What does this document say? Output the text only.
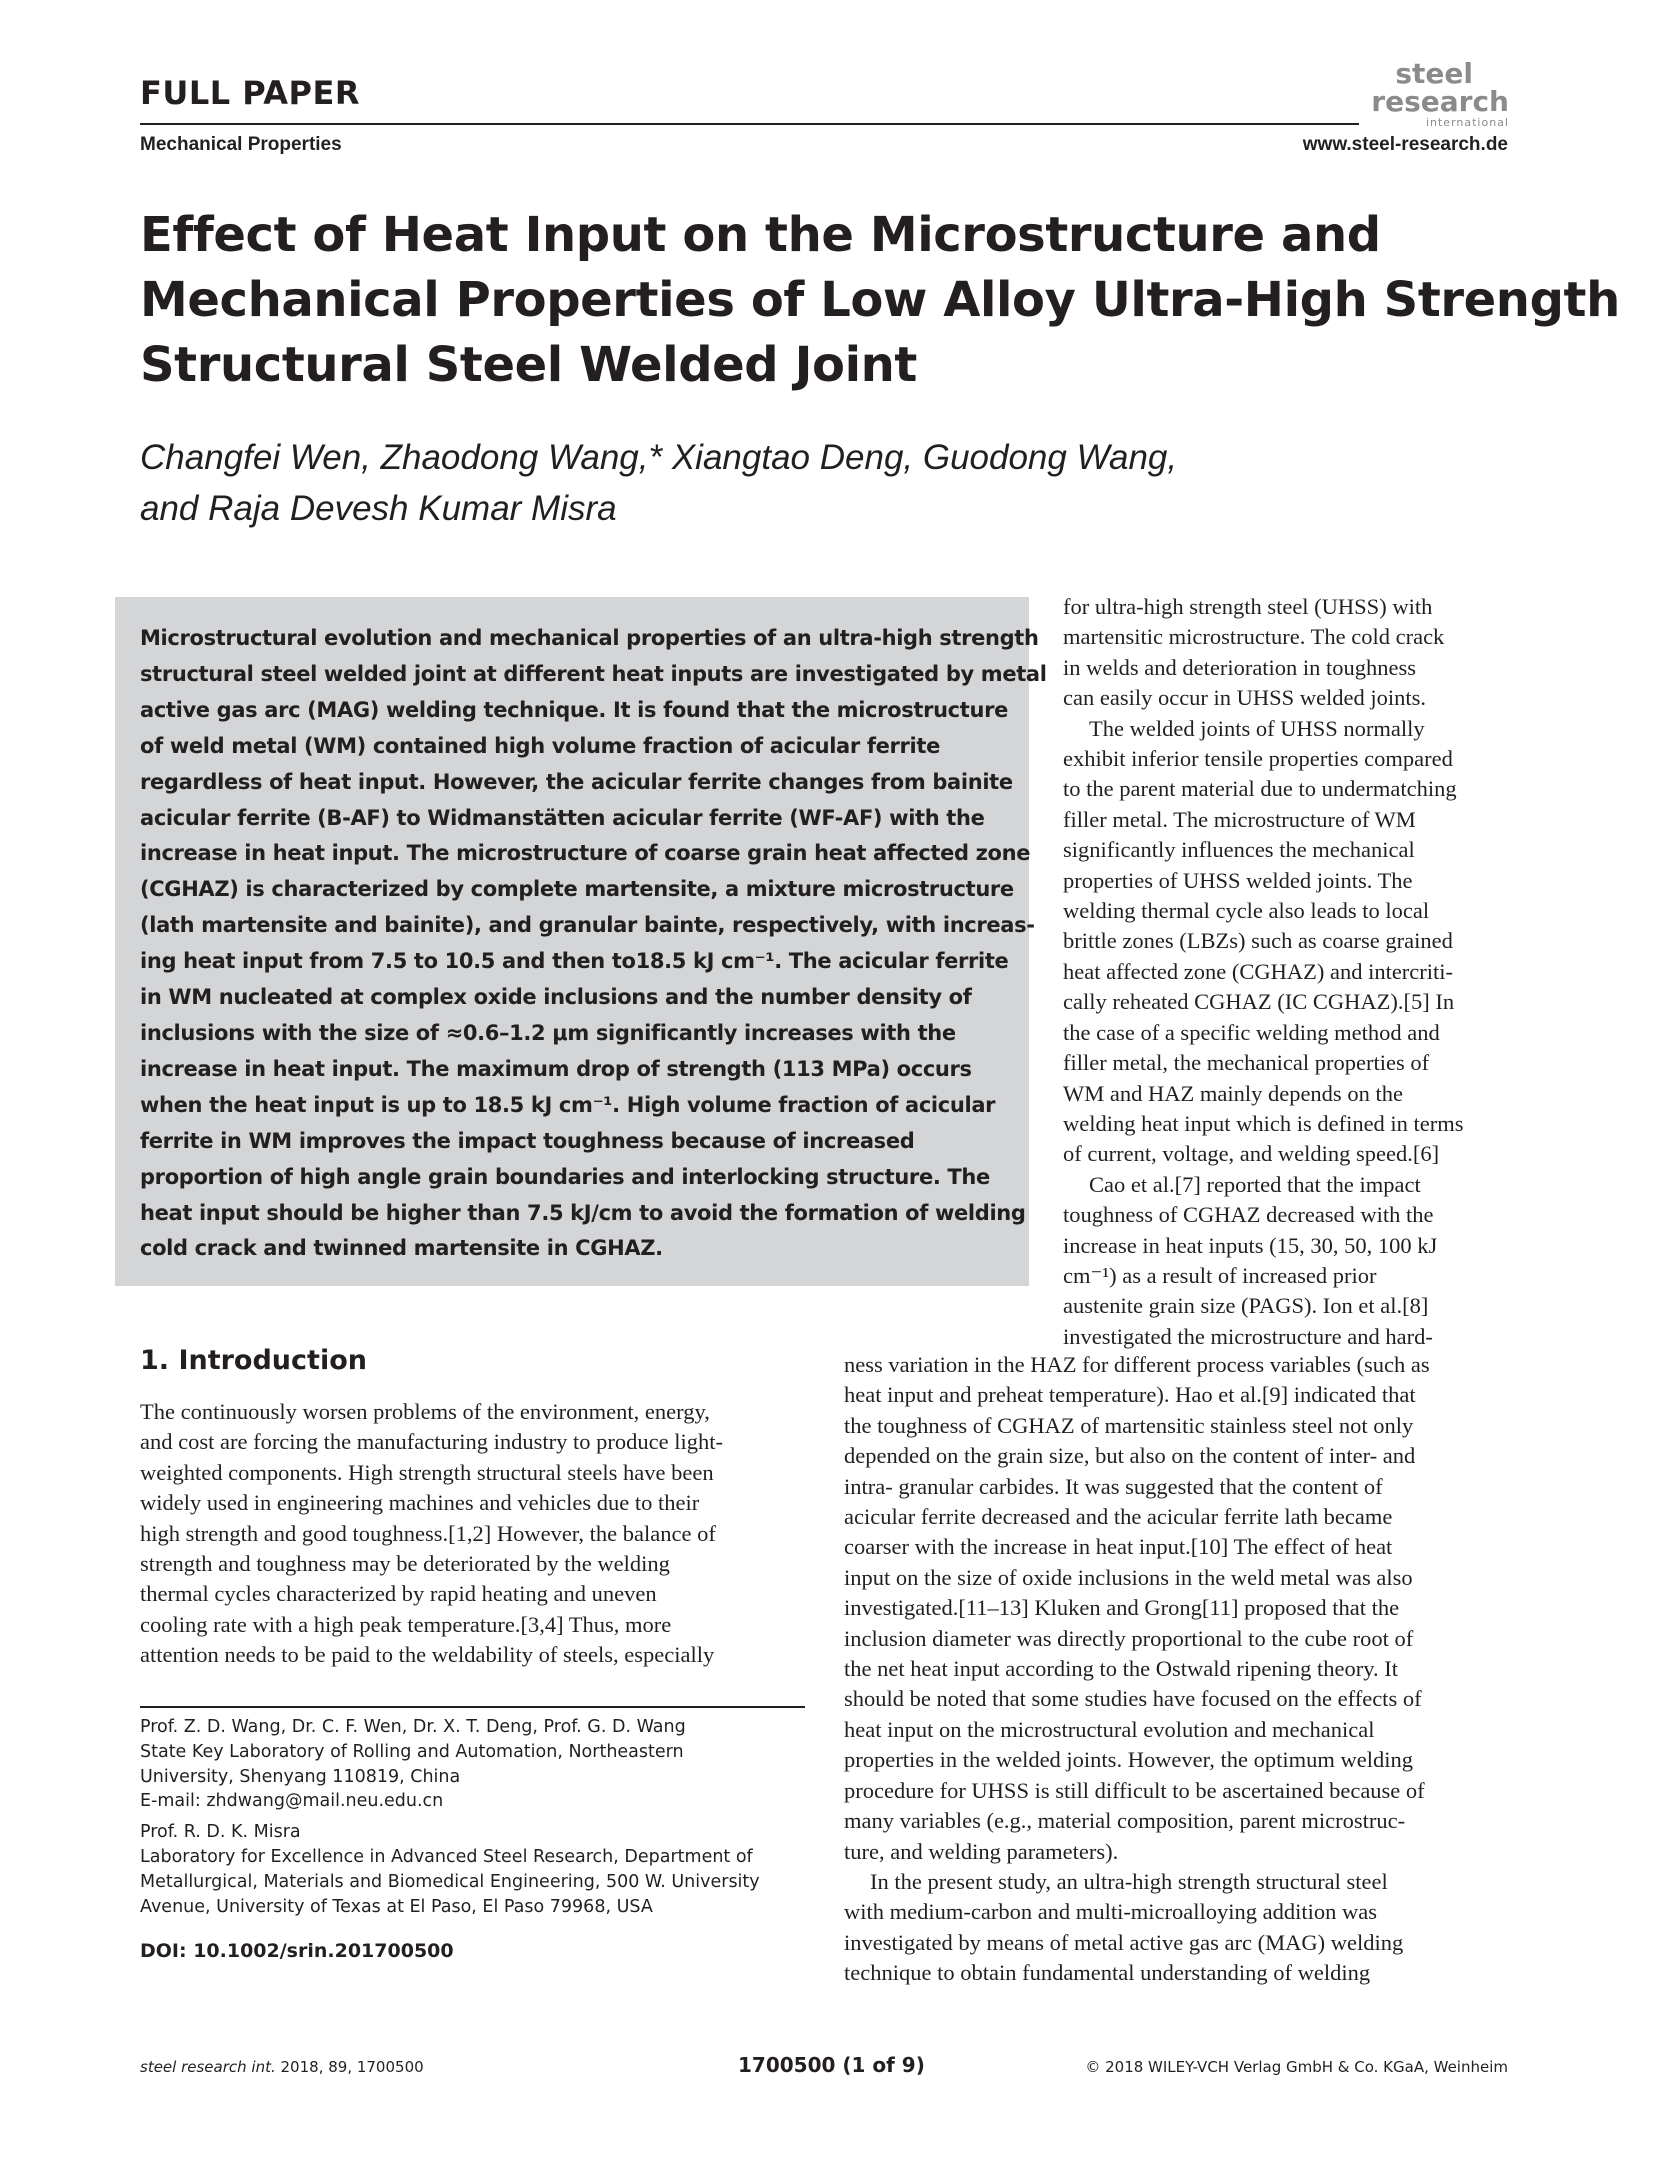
FULL PAPER
steel
research
international
Mechanical Properties	www.steel-research.de
Effect of Heat Input on the Microstructure and
Mechanical Properties of Low Alloy Ultra-High Strength
Structural Steel Welded Joint
Changfei Wen, Zhaodong Wang,* Xiangtao Deng, Guodong Wang,
and Raja Devesh Kumar Misra
Microstructural evolution and mechanical properties of an ultra-high strength
structural steel welded joint at different heat inputs are investigated by metal
active gas arc (MAG) welding technique. It is found that the microstructure
of weld metal (WM) contained high volume fraction of acicular ferrite
regardless of heat input. However, the acicular ferrite changes from bainite
acicular ferrite (B-AF) to Widmanstätten acicular ferrite (WF-AF) with the
increase in heat input. The microstructure of coarse grain heat affected zone
(CGHAZ) is characterized by complete martensite, a mixture microstructure
(lath martensite and bainite), and granular bainte, respectively, with increas-
ing heat input from 7.5 to 10.5 and then to18.5 kJ cm⁻¹. The acicular ferrite
in WM nucleated at complex oxide inclusions and the number density of
inclusions with the size of ≈0.6–1.2 μm significantly increases with the
increase in heat input. The maximum drop of strength (113 MPa) occurs
when the heat input is up to 18.5 kJ cm⁻¹. High volume fraction of acicular
ferrite in WM improves the impact toughness because of increased
proportion of high angle grain boundaries and interlocking structure. The
heat input should be higher than 7.5 kJ/cm to avoid the formation of welding
cold crack and twinned martensite in CGHAZ.
for ultra-high strength steel (UHSS) with
martensitic microstructure. The cold crack
in welds and deterioration in toughness
can easily occur in UHSS welded joints.
The welded joints of UHSS normally
exhibit inferior tensile properties compared
to the parent material due to undermatching
filler metal. The microstructure of WM
significantly influences the mechanical
properties of UHSS welded joints. The
welding thermal cycle also leads to local
brittle zones (LBZs) such as coarse grained
heat affected zone (CGHAZ) and intercriti-
cally reheated CGHAZ (IC CGHAZ).[5] In
the case of a specific welding method and
filler metal, the mechanical properties of
WM and HAZ mainly depends on the
welding heat input which is defined in terms
of current, voltage, and welding speed.[6]
Cao et al.[7] reported that the impact
toughness of CGHAZ decreased with the
increase in heat inputs (15, 30, 50, 100 kJ
cm⁻¹) as a result of increased prior
austenite grain size (PAGS). Ion et al.[8]
investigated the microstructure and hard-
1. Introduction
The continuously worsen problems of the environment, energy,
and cost are forcing the manufacturing industry to produce light-
weighted components. High strength structural steels have been
widely used in engineering machines and vehicles due to their
high strength and good toughness.[1,2] However, the balance of
strength and toughness may be deteriorated by the welding
thermal cycles characterized by rapid heating and uneven
cooling rate with a high peak temperature.[3,4] Thus, more
attention needs to be paid to the weldability of steels, especially
ness variation in the HAZ for different process variables (such as
heat input and preheat temperature). Hao et al.[9] indicated that
the toughness of CGHAZ of martensitic stainless steel not only
depended on the grain size, but also on the content of inter- and
intra- granular carbides. It was suggested that the content of
acicular ferrite decreased and the acicular ferrite lath became
coarser with the increase in heat input.[10] The effect of heat
input on the size of oxide inclusions in the weld metal was also
investigated.[11–13] Kluken and Grong[11] proposed that the
inclusion diameter was directly proportional to the cube root of
the net heat input according to the Ostwald ripening theory. It
should be noted that some studies have focused on the effects of
heat input on the microstructural evolution and mechanical
properties in the welded joints. However, the optimum welding
procedure for UHSS is still difficult to be ascertained because of
many variables (e.g., material composition, parent microstruc-
ture, and welding parameters).
In the present study, an ultra-high strength structural steel
with medium-carbon and multi-microalloying addition was
investigated by means of metal active gas arc (MAG) welding
technique to obtain fundamental understanding of welding
Prof. Z. D. Wang, Dr. C. F. Wen, Dr. X. T. Deng, Prof. G. D. Wang
State Key Laboratory of Rolling and Automation, Northeastern
University, Shenyang 110819, China
E-mail: zhdwang@mail.neu.edu.cn
Prof. R. D. K. Misra
Laboratory for Excellence in Advanced Steel Research, Department of
Metallurgical, Materials and Biomedical Engineering, 500 W. University
Avenue, University of Texas at El Paso, El Paso 79968, USA
DOI: 10.1002/srin.201700500
steel research int. 2018, 89, 1700500	1700500 (1 of 9)	© 2018 WILEY-VCH Verlag GmbH & Co. KGaA, Weinheim
